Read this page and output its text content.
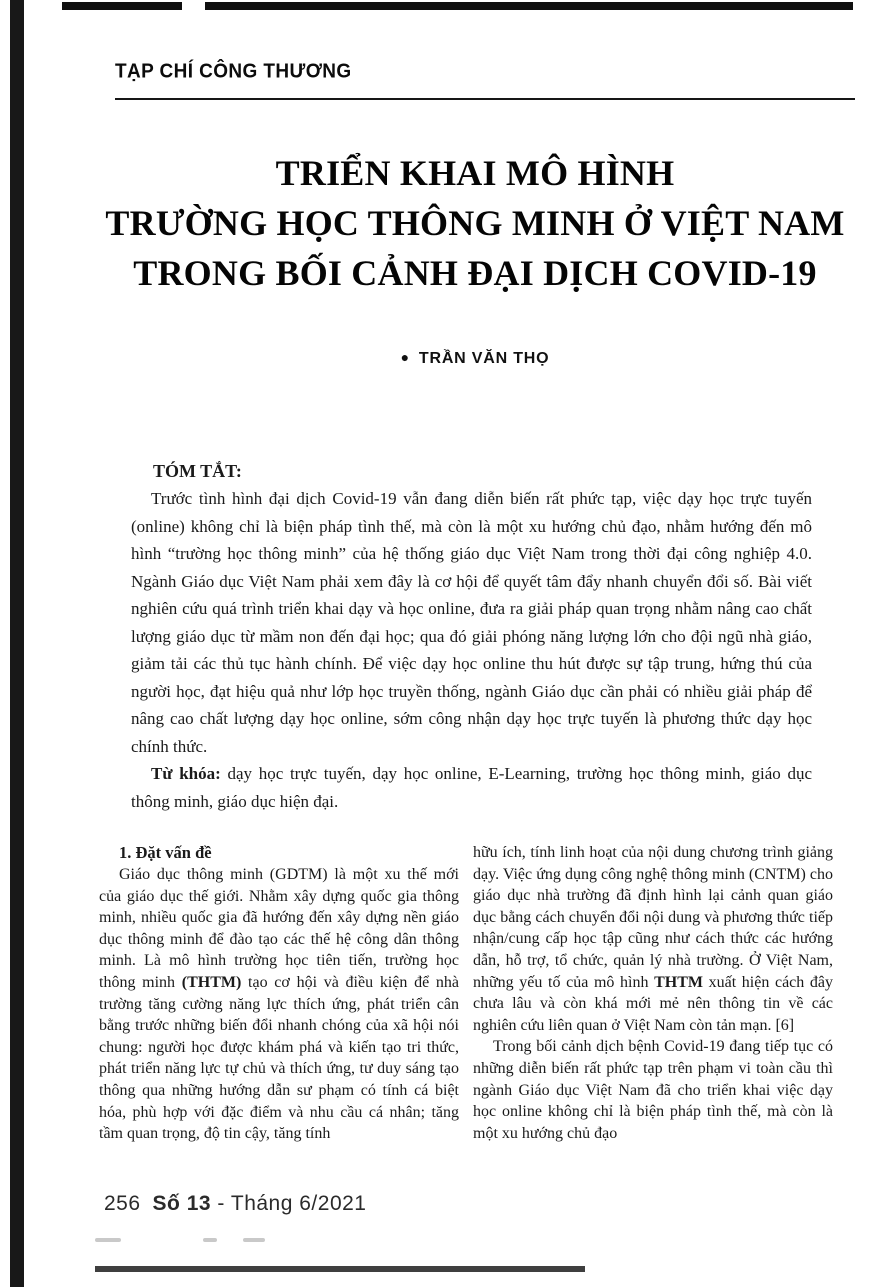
TẠP CHÍ CÔNG THƯƠNG
TRIỂN KHAI MÔ HÌNH
TRƯỜNG HỌC THÔNG MINH Ở VIỆT NAM
TRONG BỐI CẢNH ĐẠI DỊCH COVID-19
● TRẦN VĂN THỌ
TÓM TẮT:

Trước tình hình đại dịch Covid-19 vẫn đang diễn biến rất phức tạp, việc dạy học trực tuyến (online) không chỉ là biện pháp tình thế, mà còn là một xu hướng chủ đạo, nhằm hướng đến mô hình “trường học thông minh” của hệ thống giáo dục Việt Nam trong thời đại công nghiệp 4.0. Ngành Giáo dục Việt Nam phải xem đây là cơ hội để quyết tâm đẩy nhanh chuyển đổi số. Bài viết nghiên cứu quá trình triển khai dạy và học online, đưa ra giải pháp quan trọng nhằm nâng cao chất lượng giáo dục từ mầm non đến đại học; qua đó giải phóng năng lượng lớn cho đội ngũ nhà giáo, giảm tải các thủ tục hành chính. Để việc dạy học online thu hút được sự tập trung, hứng thú của người học, đạt hiệu quả như lớp học truyền thống, ngành Giáo dục cần phải có nhiều giải pháp để nâng cao chất lượng dạy học online, sớm công nhận dạy học trực tuyến là phương thức dạy học chính thức.

Từ khóa: dạy học trực tuyến, dạy học online, E-Learning, trường học thông minh, giáo dục thông minh, giáo dục hiện đại.

1. Đặt vấn đề

Giáo dục thông minh (GDTM) là một xu thế mới của giáo dục thế giới. Nhằm xây dựng quốc gia thông minh, nhiều quốc gia đã hướng đến xây dựng nền giáo dục thông minh để đào tạo các thế hệ công dân thông minh. Là mô hình trường học tiên tiến, trường học thông minh (THTM) tạo cơ hội và điều kiện để nhà trường tăng cường năng lực thích ứng, phát triển cân bằng trước những biến đổi nhanh chóng của xã hội nói chung: người học được khám phá và kiến tạo tri thức, phát triển năng lực tự chủ và thích ứng, tư duy sáng tạo thông qua những hướng dẫn sư phạm có tính cá biệt hóa, phù hợp với đặc điểm và nhu cầu cá nhân; tăng tầm quan trọng, độ tin cậy, tăng tính

hữu ích, tính linh hoạt của nội dung chương trình giảng dạy. Việc ứng dụng công nghệ thông minh (CNTM) cho giáo dục nhà trường đã định hình lại cảnh quan giáo dục bằng cách chuyển đổi nội dung và phương thức tiếp nhận/cung cấp học tập cũng như cách thức các hướng dẫn, hỗ trợ, tổ chức, quản lý nhà trường. Ở Việt Nam, những yếu tố của mô hình THTM xuất hiện cách đây chưa lâu và còn khá mới mẻ nên thông tin về các nghiên cứu liên quan ở Việt Nam còn tản mạn. [6]

Trong bối cảnh dịch bệnh Covid-19 đang tiếp tục có những diễn biến rất phức tạp trên phạm vi toàn cầu thì ngành Giáo dục Việt Nam đã cho triển khai việc dạy học online không chỉ là biện pháp tình thế, mà còn là một xu hướng chủ đạo

256 Số 13 - Tháng 6/2021
